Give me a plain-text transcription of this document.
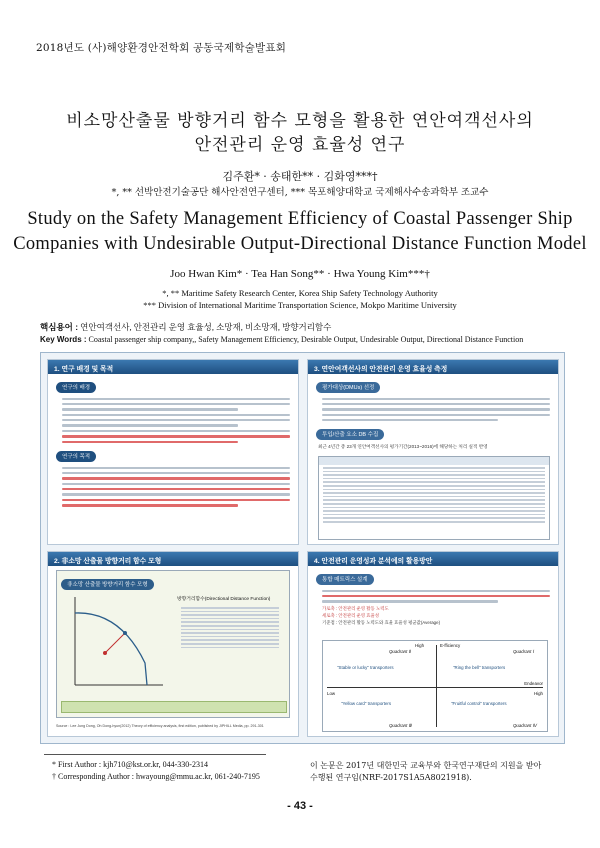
2018년도 (사)해양환경안전학회 공동국제학술발표회
비소망산출물 방향거리 함수 모형을 활용한 연안여객선사의
안전관리 운영 효율성 연구
김주환* · 송태한** · 김화영***†
*, ** 선박안전기술공단 해사안전연구센터, *** 목포해양대학교 국제해사수송과학부 조교수
Study on the Safety Management Efficiency of Coastal Passenger Ship
Companies with Undesirable Output-Directional Distance Function Model
Joo Hwan Kim* · Tea Han Song** · Hwa Young Kim***†
*, ** Maritime Safety Research Center, Korea Ship Safety Technology Authority
*** Division of International Maritime Transportation Science, Mokpo Maritime University
핵심용어 : 연안여객선사, 안전관리 운영 효율성, 소망재, 비소망재, 방향거리함수
Key Words : Coastal passenger ship company,, Safety Management Efficiency, Desirable Output, Undesirable Output, Directional Distance Function
1. 연구 배경 및 목적
연구의 배경
연구의 목적
3. 연안여객선사의 안전관리 운영 효율성 측정
평가대상(DMUs) 선정
투입/산출 요소 DB 수집
최근 4년간 총 23개 연안여객선사의 평가기간(2013~2016)에 해당하는 처리 실적 반영
2. 非소망 산출물 방향거리 함수 모형
非소망 산출물 방향거리 함수 모형
방향거리함수(Directional Distance Function)
Source : Lee Jung Dong, Oh Dong-hyun(2012) Theory of efficiency analysis, first edition, published by JIPHILL Media, pp. 291-301
4. 안전관리 운영성과 분석에의 활용방안
통합 매트릭스 설계
가로축 : 안전관리 운영 활동 노력도
세로축 : 안전관리 운영 효율성
기준점 : 안전관리 활동 노력도와 효율 효율성 평균값(Average)
E-fficiency
High
Low
Endeavor
High
Quadrant Ⅱ	Quadrant Ⅰ
Quadrant Ⅲ	Quadrant Ⅳ
"Stable or lucky" transporters	"Ring the bell" transporters
"Yellow card" transporters	"Fruitful control" transporters
* First Author : kjh710@kst.or.kr, 044-330-2314
† Corresponding Author : hwayoung@mmu.ac.kr, 061-240-7195
이 논문은 2017년 대한민국 교육부와 한국연구재단의 지원을 받아
수행된 연구임(NRF-2017S1A5A8021918).
- 43 -
